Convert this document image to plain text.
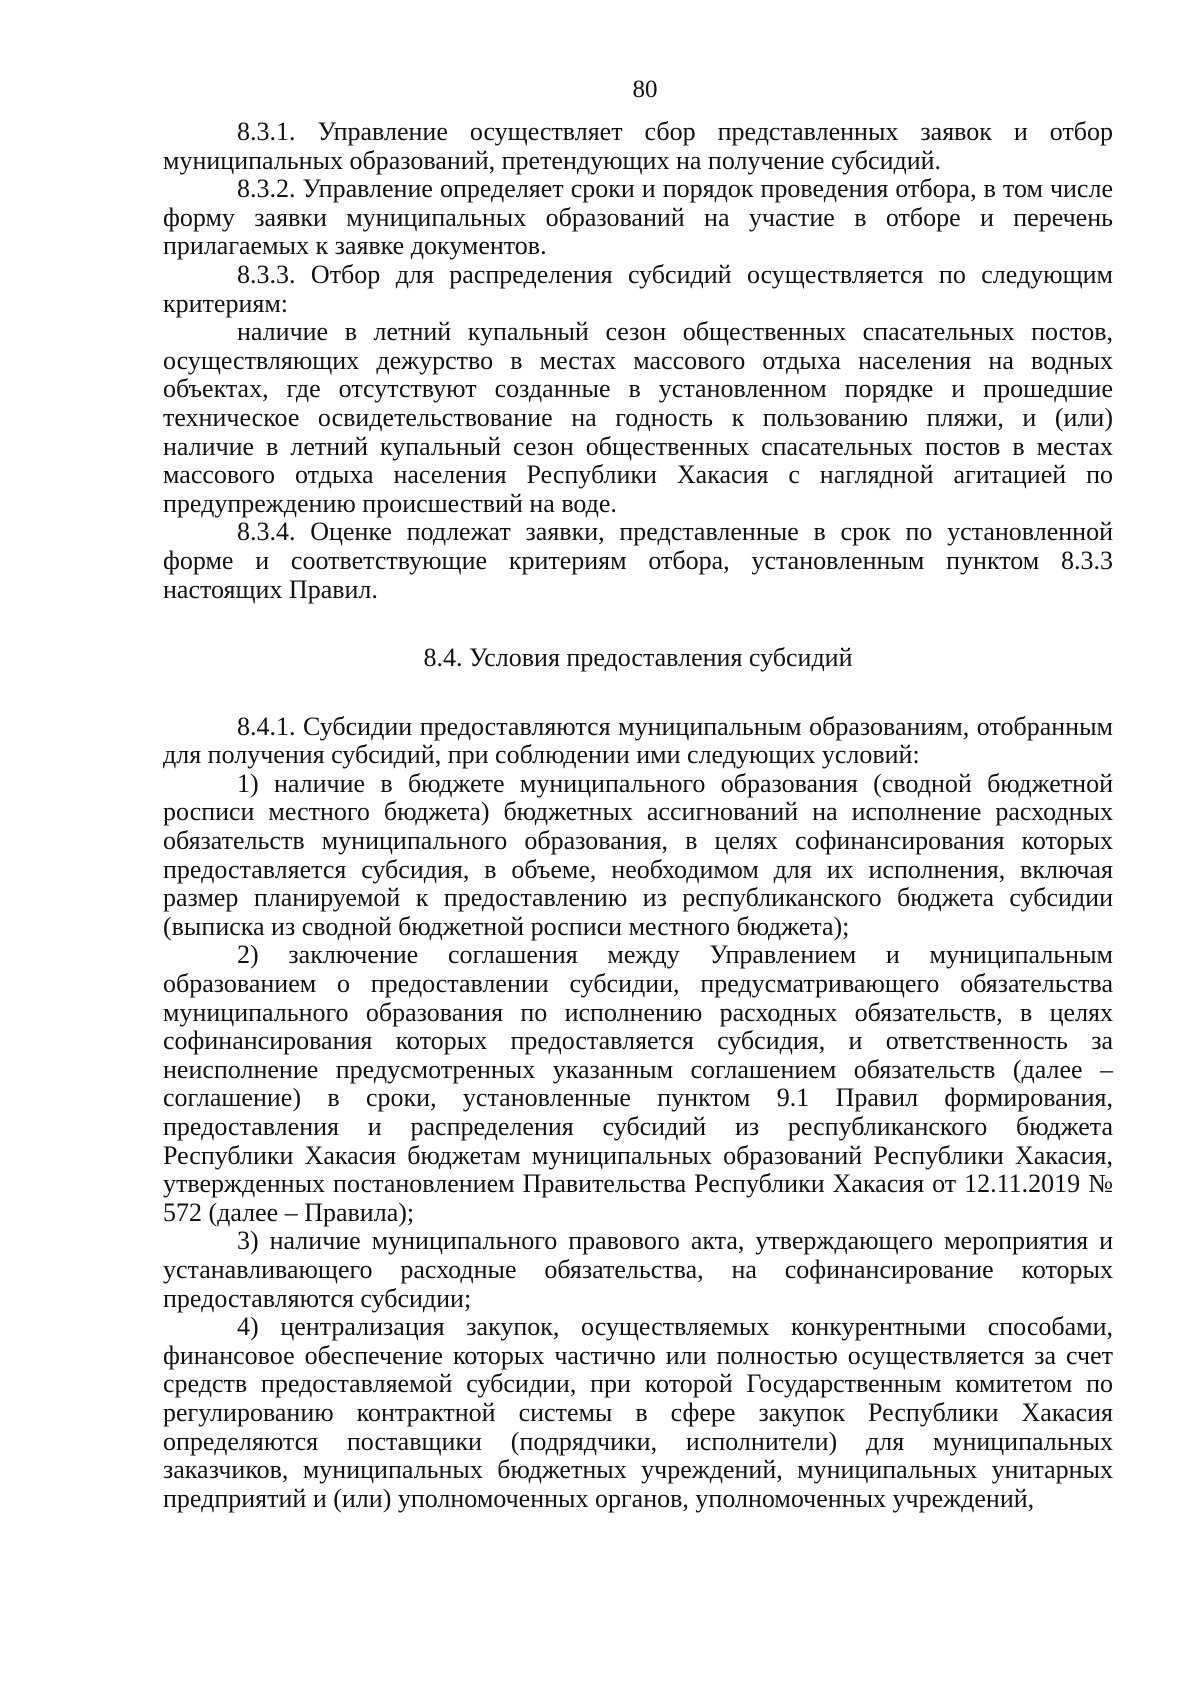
80

8.3.1. Управление осуществляет сбор представленных заявок и отбор муниципальных образований, претендующих на получение субсидий.

8.3.2. Управление определяет сроки и порядок проведения отбора, в том числе форму заявки муниципальных образований на участие в отборе и перечень прилагаемых к заявке документов.

8.3.3. Отбор для распределения субсидий осуществляется по следующим критериям:

наличие в летний купальный сезон общественных спасательных постов, осуществляющих дежурство в местах массового отдыха населения на водных объектах, где отсутствуют созданные в установленном порядке и прошедшие техническое освидетельствование на годность к пользованию пляжи, и (или) наличие в летний купальный сезон общественных спасательных постов в местах массового отдыха населения Республики Хакасия с наглядной агитацией по предупреждению происшествий на воде.

8.3.4. Оценке подлежат заявки, представленные в срок по установленной форме и соответствующие критериям отбора, установленным пунктом 8.3.3 настоящих Правил.

8.4. Условия предоставления субсидий

8.4.1. Субсидии предоставляются муниципальным образованиям, отобранным для получения субсидий, при соблюдении ими следующих условий:

1) наличие в бюджете муниципального образования (сводной бюджетной росписи местного бюджета) бюджетных ассигнований на исполнение расходных обязательств муниципального образования, в целях софинансирования которых предоставляется субсидия, в объеме, необходимом для их исполнения, включая размер планируемой к предоставлению из республиканского бюджета субсидии (выписка из сводной бюджетной росписи местного бюджета);

2) заключение соглашения между Управлением и муниципальным образованием о предоставлении субсидии, предусматривающего обязательства муниципального образования по исполнению расходных обязательств, в целях софинансирования которых предоставляется субсидия, и ответственность за неисполнение предусмотренных указанным соглашением обязательств (далее – соглашение) в сроки, установленные пунктом 9.1 Правил формирования, предоставления и распределения субсидий из республиканского бюджета Республики Хакасия бюджетам муниципальных образований Республики Хакасия, утвержденных постановлением Правительства Республики Хакасия от 12.11.2019 № 572 (далее – Правила);

3) наличие муниципального правового акта, утверждающего мероприятия и устанавливающего расходные обязательства, на софинансирование которых предоставляются субсидии;

4) централизация закупок, осуществляемых конкурентными способами, финансовое обеспечение которых частично или полностью осуществляется за счет средств предоставляемой субсидии, при которой Государственным комитетом по регулированию контрактной системы в сфере закупок Республики Хакасия определяются поставщики (подрядчики, исполнители) для муниципальных заказчиков, муниципальных бюджетных учреждений, муниципальных унитарных предприятий и (или) уполномоченных органов, уполномоченных учреждений,
